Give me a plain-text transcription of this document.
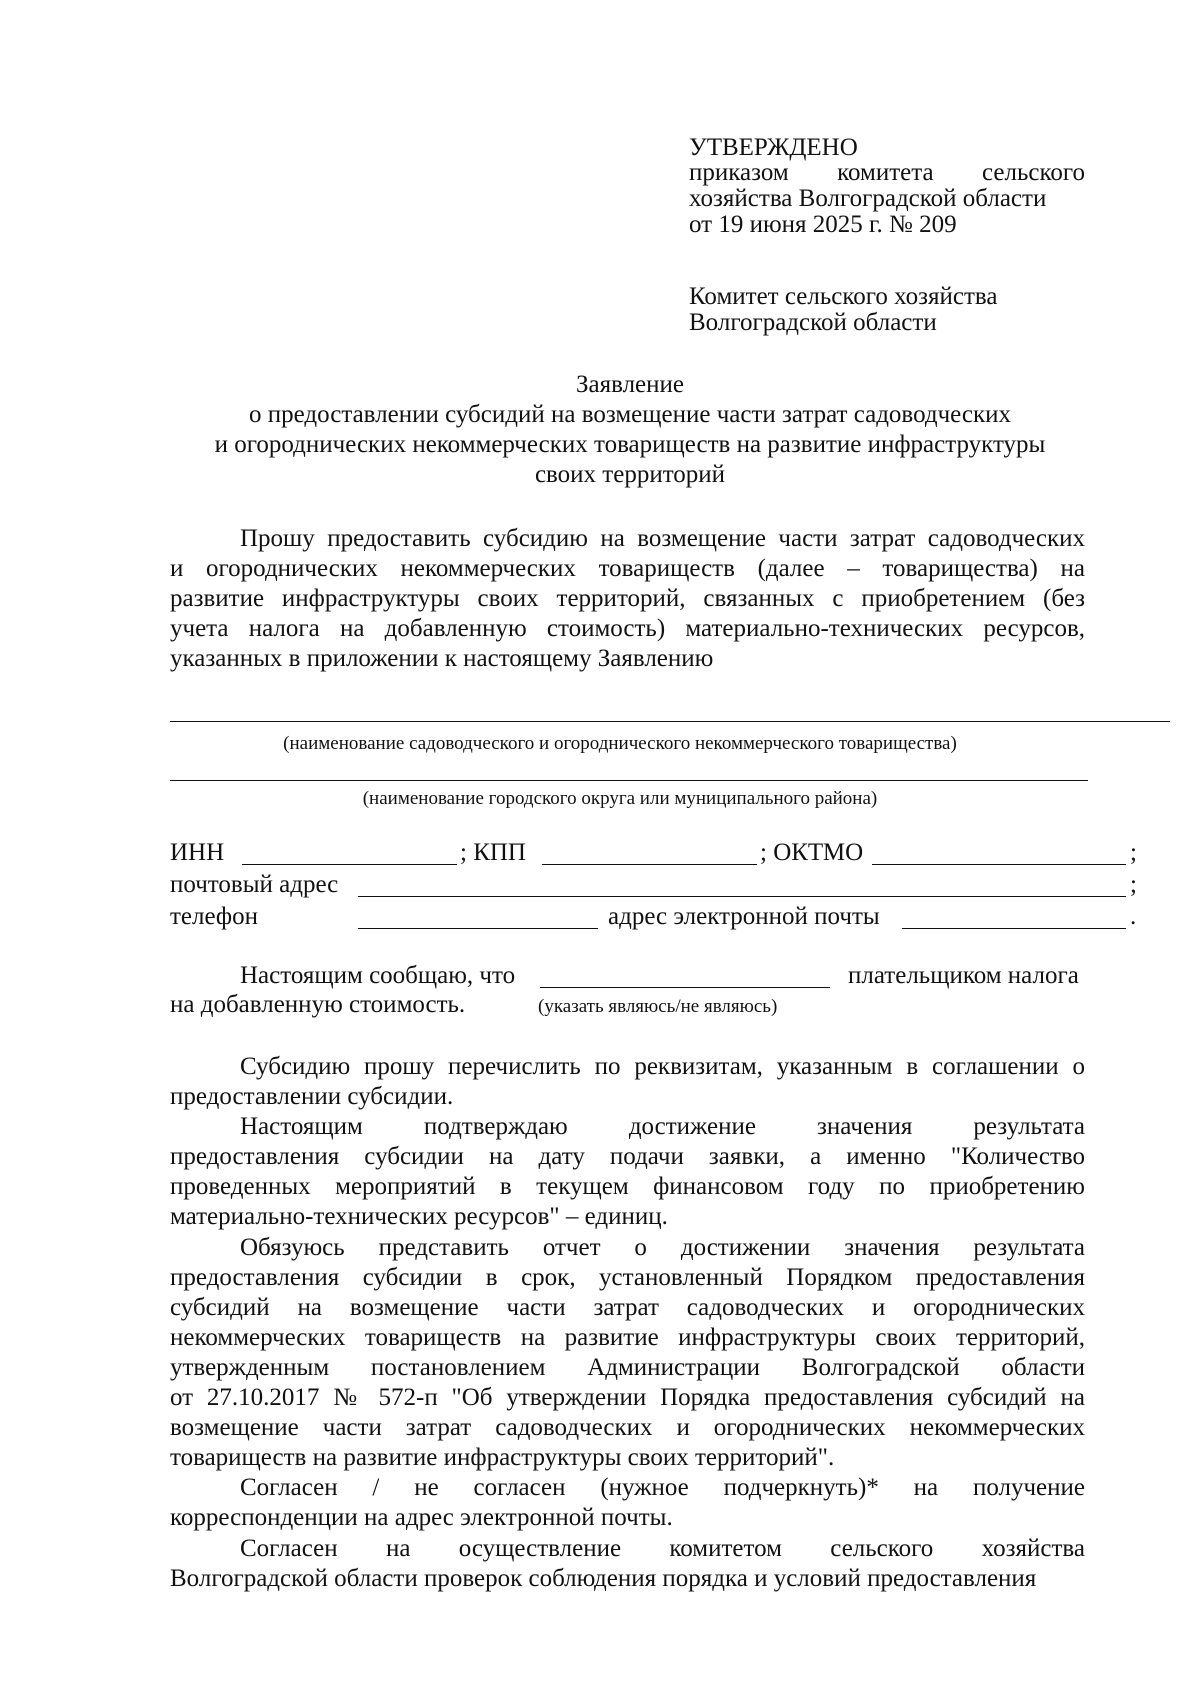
УТВЕРЖДЕНО
приказом комитета сельского
хозяйства Волгоградской области
от 19 июня 2025 г. № 209
Комитет сельского хозяйства
Волгоградской области
Заявление
о предоставлении субсидий на возмещение части затрат садоводческих
и огороднических некоммерческих товариществ на развитие инфраструктуры
своих территорий
Прошу предоставить субсидию на возмещение части затрат садоводческих
и огороднических некоммерческих товариществ (далее – товарищества) на
развитие инфраструктуры своих территорий, связанных с приобретением (без
учета налога на добавленную стоимость) материально-технических ресурсов,
указанных в приложении к настоящему Заявлению
(наименование садоводческого и огороднического некоммерческого товарищества)
(наименование городского округа или муниципального района)
ИНН	; КПП	; ОКТМО	;
почтовый адрес	;
телефон	адрес электронной почты	.
Настоящим сообщаю, что	плательщиком налога
на добавленную стоимость.	(указать являюсь/не являюсь)
Субсидию прошу перечислить по реквизитам, указанным в соглашении о
предоставлении субсидии.
Настоящим подтверждаю достижение значения результата
предоставления субсидии на дату подачи заявки, а именно "Количество
проведенных мероприятий в текущем финансовом году по приобретению
материально-технических ресурсов" – единиц.
Обязуюсь представить отчет о достижении значения результата
предоставления субсидии в срок, установленный Порядком предоставления
субсидий на возмещение части затрат садоводческих и огороднических
некоммерческих товариществ на развитие инфраструктуры своих территорий,
утвержденным постановлением Администрации Волгоградской области
от 27.10.2017 № 572-п "Об утверждении Порядка предоставления субсидий на
возмещение части затрат садоводческих и огороднических некоммерческих
товариществ на развитие инфраструктуры своих территорий".
Согласен / не согласен (нужное подчеркнуть)* на получение
корреспонденции на адрес электронной почты.
Согласен на осуществление комитетом сельского хозяйства
Волгоградской области проверок соблюдения порядка и условий предоставления
